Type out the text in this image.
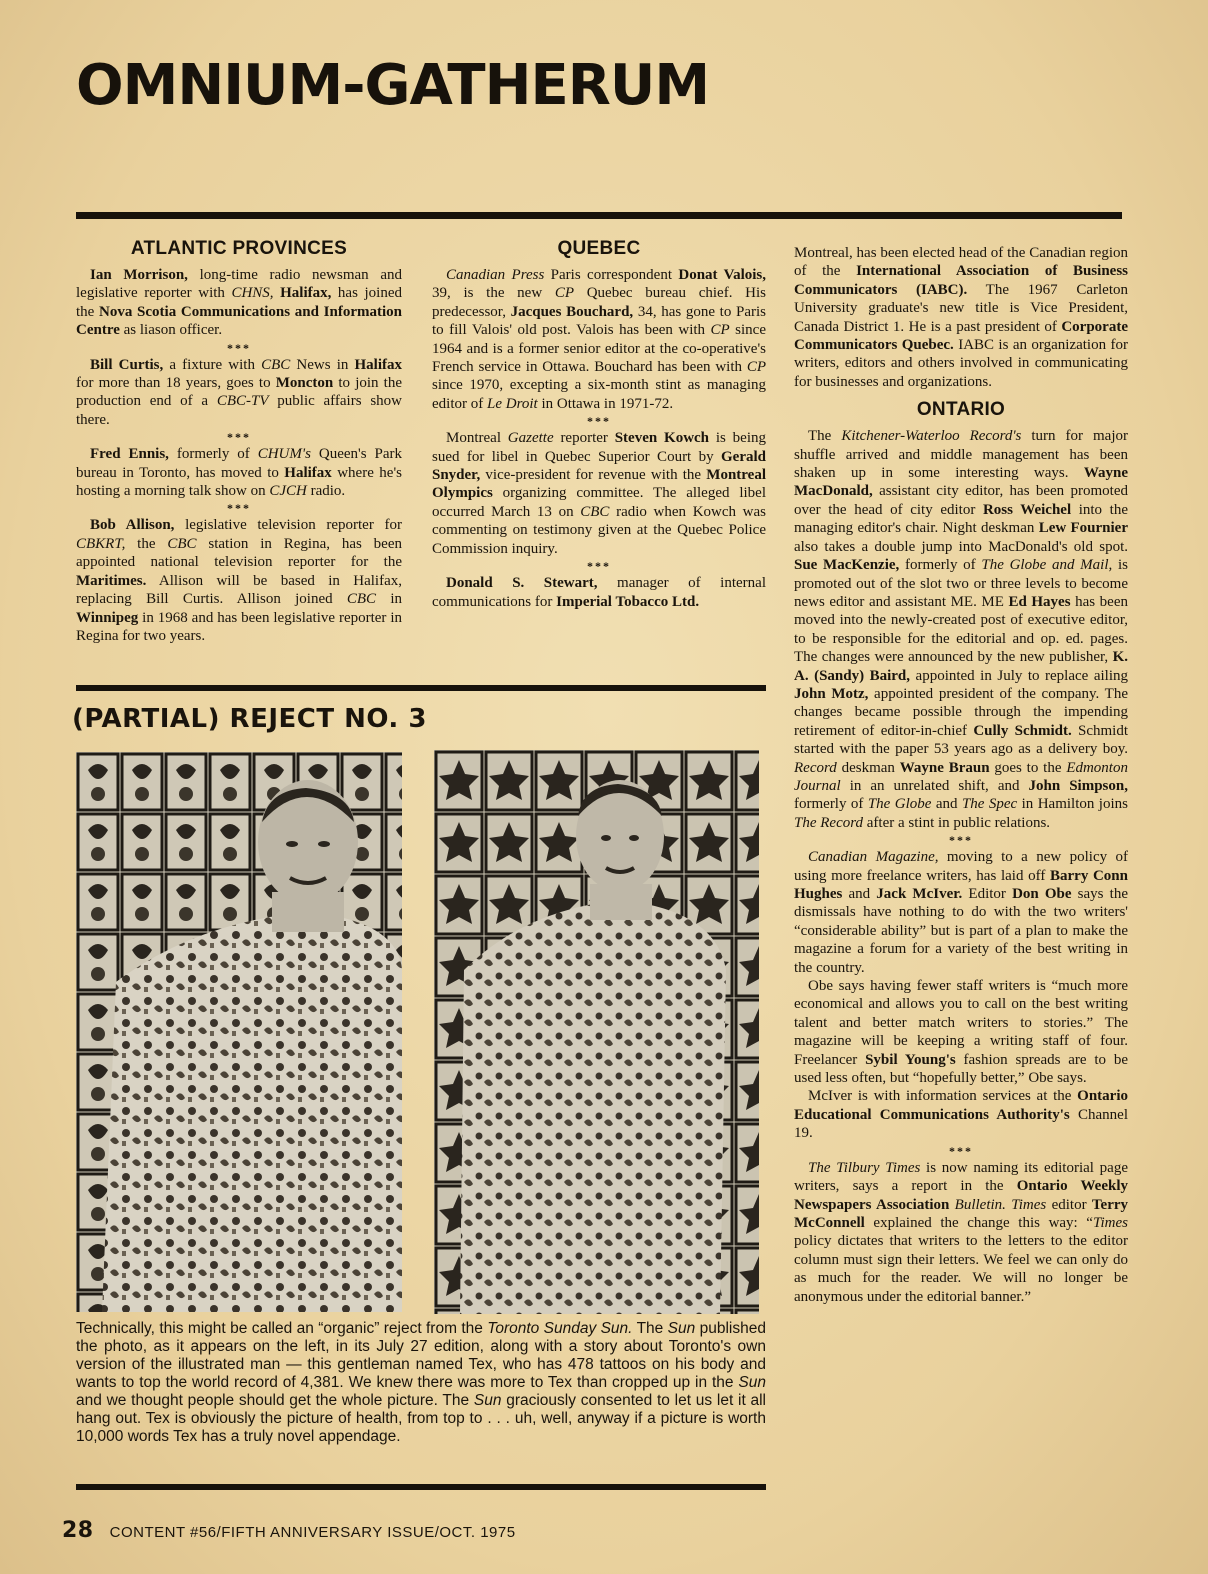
OMNIUM-GATHERUM
ATLANTIC PROVINCES

Ian Morrison, long-time radio newsman and legislative reporter with CHNS, Halifax, has joined the Nova Scotia Communications and Information Centre as liason officer.

***

Bill Curtis, a fixture with CBC News in Halifax for more than 18 years, goes to Moncton to join the production end of a CBC-TV public affairs show there.

***

Fred Ennis, formerly of CHUM's Queen's Park bureau in Toronto, has moved to Halifax where he's hosting a morning talk show on CJCH radio.

***

Bob Allison, legislative television reporter for CBKRT, the CBC station in Regina, has been appointed national television reporter for the Maritimes. Allison will be based in Halifax, replacing Bill Curtis. Allison joined CBC in Winnipeg in 1968 and has been legislative reporter in Regina for two years.

QUEBEC

Canadian Press Paris correspondent Donat Valois, 39, is the new CP Quebec bureau chief. His predecessor, Jacques Bouchard, 34, has gone to Paris to fill Valois' old post. Valois has been with CP since 1964 and is a former senior editor at the co-operative's French service in Ottawa. Bouchard has been with CP since 1970, excepting a six-month stint as managing editor of Le Droit in Ottawa in 1971-72.

***

Montreal Gazette reporter Steven Kowch is being sued for libel in Quebec Superior Court by Gerald Snyder, vice-president for revenue with the Montreal Olympics organizing committee. The alleged libel occurred March 13 on CBC radio when Kowch was commenting on testimony given at the Quebec Police Commission inquiry.

***

Donald S. Stewart, manager of internal communications for Imperial Tobacco Ltd.

Montreal, has been elected head of the Canadian region of the International Association of Business Communicators (IABC). The 1967 Carleton University graduate's new title is Vice President, Canada District 1. He is a past president of Corporate Communicators Quebec. IABC is an organization for writers, editors and others involved in communicating for businesses and organizations.

ONTARIO

The Kitchener-Waterloo Record's turn for major shuffle arrived and middle management has been shaken up in some interesting ways. Wayne MacDonald, assistant city editor, has been promoted over the head of city editor Ross Weichel into the managing editor's chair. Night deskman Lew Fournier also takes a double jump into MacDonald's old spot. Sue MacKenzie, formerly of The Globe and Mail, is promoted out of the slot two or three levels to become news editor and assistant ME. ME Ed Hayes has been moved into the newly-created post of executive editor, to be responsible for the editorial and op. ed. pages. The changes were announced by the new publisher, K. A. (Sandy) Baird, appointed in July to replace ailing John Motz, appointed president of the company. The changes became possible through the impending retirement of editor-in-chief Cully Schmidt. Schmidt started with the paper 53 years ago as a delivery boy. Record deskman Wayne Braun goes to the Edmonton Journal in an unrelated shift, and John Simpson, formerly of The Globe and The Spec in Hamilton joins The Record after a stint in public relations.

***

Canadian Magazine, moving to a new policy of using more freelance writers, has laid off Barry Conn Hughes and Jack McIver. Editor Don Obe says the dismissals have nothing to do with the two writers' “considerable ability” but is part of a plan to make the magazine a forum for a variety of the best writing in the country.

Obe says having fewer staff writers is “much more economical and allows you to call on the best writing talent and better match writers to stories.” The magazine will be keeping a writing staff of four. Freelancer Sybil Young's fashion spreads are to be used less often, but “hopefully better,” Obe says.

McIver is with information services at the Ontario Educational Communications Authority's Channel 19.

***

The Tilbury Times is now naming its editorial page writers, says a report in the Ontario Weekly Newspapers Association Bulletin. Times editor Terry McConnell explained the change this way: “Times policy dictates that writers to the letters to the editor column must sign their letters. We feel we can only do as much for the reader. We will no longer be anonymous under the editorial banner.”

(PARTIAL) REJECT NO. 3
Technically, this might be called an “organic” reject from the Toronto Sunday Sun. The Sun published the photo, as it appears on the left, in its July 27 edition, along with a story about Toronto's own version of the illustrated man — this gentleman named Tex, who has 478 tattoos on his body and wants to top the world record of 4,381. We knew there was more to Tex than cropped up in the Sun and we thought people should get the whole picture. The Sun graciously consented to let us let it all hang out. Tex is obviously the picture of health, from top to . . . uh, well, anyway if a picture is worth 10,000 words Tex has a truly novel appendage.
28 CONTENT #56/FIFTH ANNIVERSARY ISSUE/OCT. 1975
